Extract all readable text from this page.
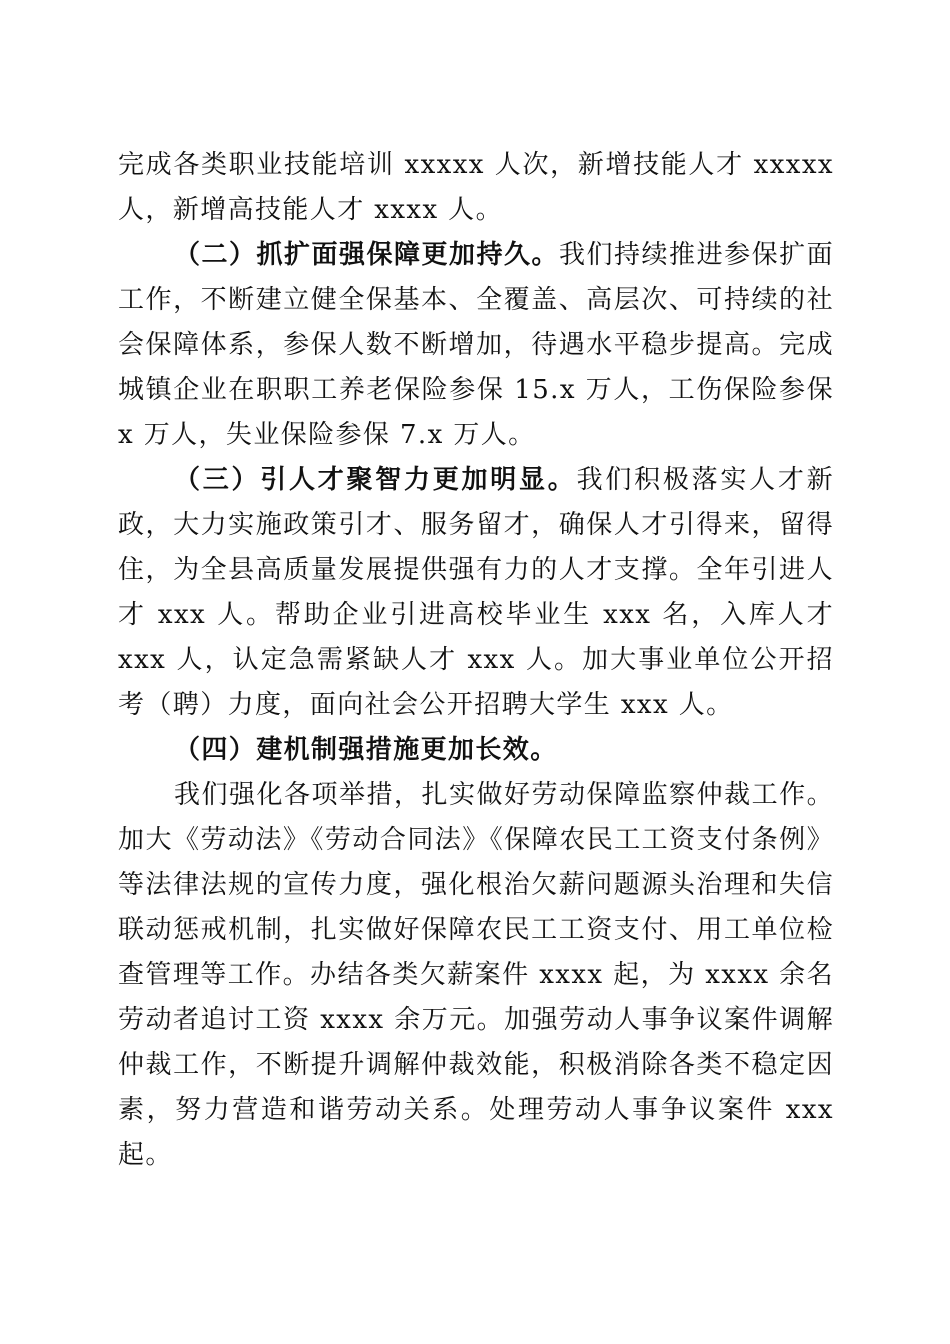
完成各类职业技能培训 xxxxx 人次，新增技能人才 xxxxx 人，新增高技能人才 xxxx 人。

（二）抓扩面强保障更加持久。我们持续推进参保扩面工作，不断建立健全保基本、全覆盖、高层次、可持续的社会保障体系，参保人数不断增加，待遇水平稳步提高。完成城镇企业在职职工养老保险参保 15.x 万人，工伤保险参保 x 万人，失业保险参保 7.x 万人。

（三）引人才聚智力更加明显。我们积极落实人才新政，大力实施政策引才、服务留才，确保人才引得来，留得住，为全县高质量发展提供强有力的人才支撑。全年引进人才 xxx 人。帮助企业引进高校毕业生 xxx 名，入库人才 xxx 人，认定急需紧缺人才 xxx 人。加大事业单位公开招考（聘）力度，面向社会公开招聘大学生 xxx 人。

（四）建机制强措施更加长效。

我们强化各项举措，扎实做好劳动保障监察仲裁工作。加大《劳动法》《劳动合同法》《保障农民工工资支付条例》等法律法规的宣传力度，强化根治欠薪问题源头治理和失信联动惩戒机制，扎实做好保障农民工工资支付、用工单位检查管理等工作。办结各类欠薪案件 xxxx 起，为 xxxx 余名劳动者追讨工资 xxxx 余万元。加强劳动人事争议案件调解仲裁工作，不断提升调解仲裁效能，积极消除各类不稳定因素，努力营造和谐劳动关系。处理劳动人事争议案件 xxx 起。
